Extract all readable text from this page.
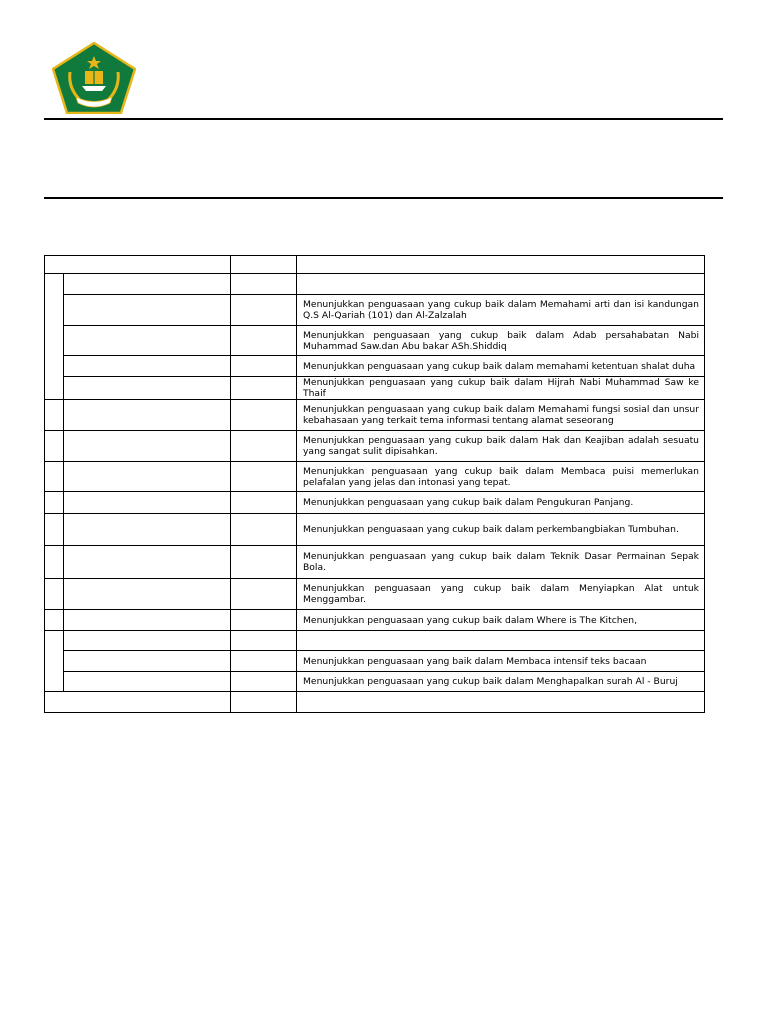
			Menunjukkan penguasaan yang cukup baik dalam Memahami arti dan isi kandungan Q.S Al-Qariah (101) dan Al-Zalzalah
			Menunjukkan penguasaan yang cukup baik dalam Adab persahabatan Nabi Muhammad Saw.dan Abu bakar ASh.Shiddiq
			Menunjukkan penguasaan yang cukup baik dalam memahami ketentuan shalat duha
			Menunjukkan penguasaan yang cukup baik dalam Hijrah Nabi Muhammad Saw ke Thaif
			Menunjukkan penguasaan yang cukup baik dalam Memahami fungsi sosial dan unsur kebahasaan yang terkait tema informasi tentang alamat seseorang
			Menunjukkan penguasaan yang cukup baik dalam Hak dan Keajiban adalah sesuatu yang sangat sulit dipisahkan.
			Menunjukkan penguasaan yang cukup baik dalam Membaca puisi memerlukan pelafalan yang jelas dan intonasi yang tepat.
			Menunjukkan penguasaan yang cukup baik dalam Pengukuran Panjang.
			Menunjukkan penguasaan yang cukup baik dalam perkembangbiakan Tumbuhan.
			Menunjukkan penguasaan yang cukup baik dalam Teknik Dasar Permainan Sepak Bola.
			Menunjukkan penguasaan yang cukup baik dalam Menyiapkan Alat untuk Menggambar.
			Menunjukkan penguasaan yang cukup baik dalam Where is The Kitchen,

			Menunjukkan penguasaan yang baik dalam Membaca intensif teks bacaan
			Menunjukkan penguasaan yang cukup baik dalam Menghapalkan surah Al - Buruj
